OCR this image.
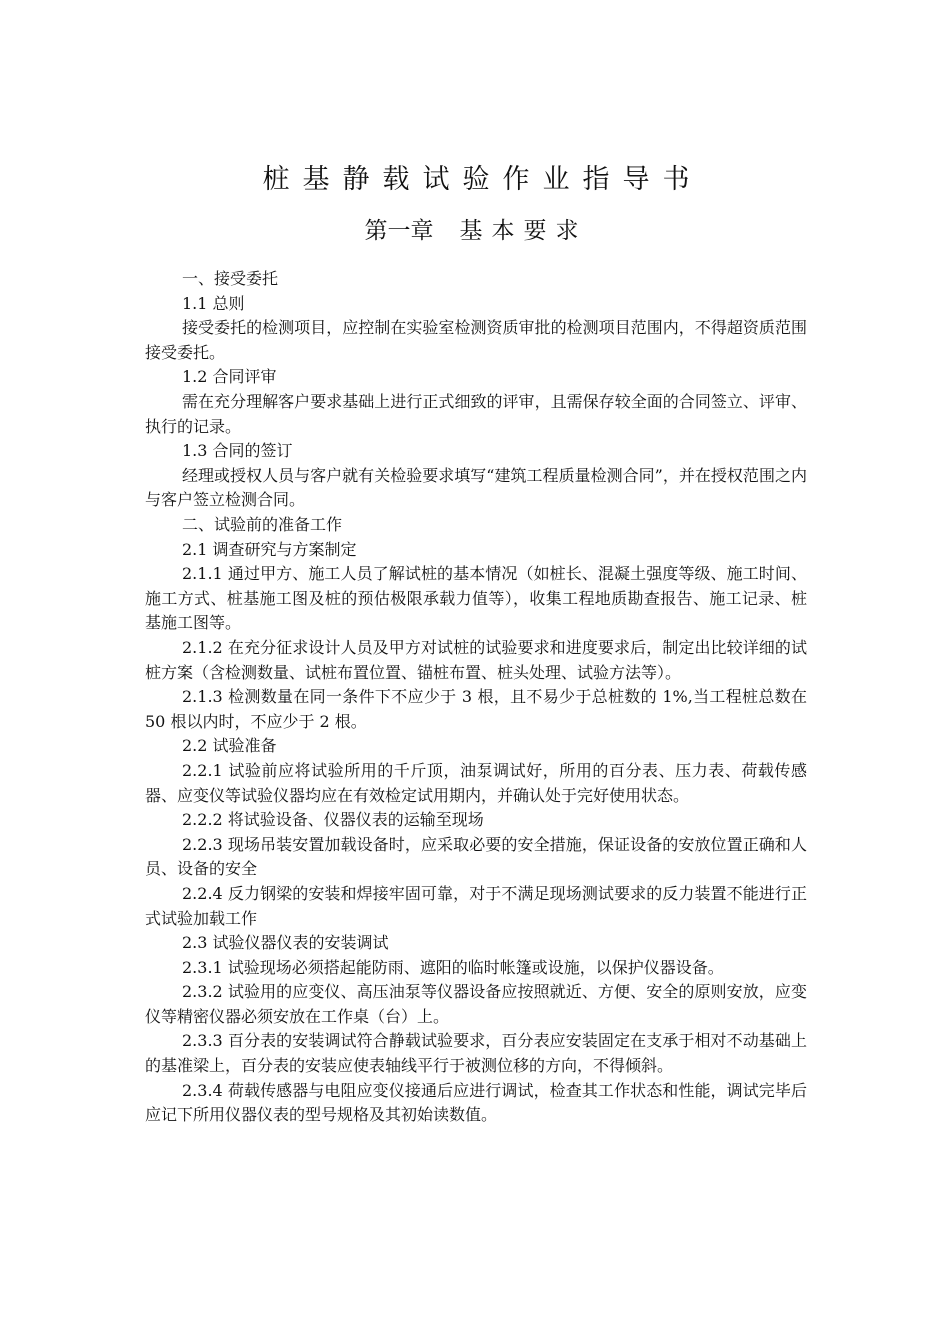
桩基静载试验作业指导书
第一章 基本要求

一、接受委托

1.1 总则

接受委托的检测项目，应控制在实验室检测资质审批的检测项目范围内，不得超资质范围接受委托。

1.2 合同评审

需在充分理解客户要求基础上进行正式细致的评审，且需保存较全面的合同签立、评审、执行的记录。

1.3 合同的签订

经理或授权人员与客户就有关检验要求填写“建筑工程质量检测合同”，并在授权范围之内与客户签立检测合同。

二、试验前的准备工作

2.1 调查研究与方案制定

2.1.1 通过甲方、施工人员了解试桩的基本情况（如桩长、混凝土强度等级、施工时间、施工方式、桩基施工图及桩的预估极限承载力值等），收集工程地质勘查报告、施工记录、桩基施工图等。

2.1.2 在充分征求设计人员及甲方对试桩的试验要求和进度要求后，制定出比较详细的试桩方案（含检测数量、试桩布置位置、锚桩布置、桩头处理、试验方法等）。

2.1.3 检测数量在同一条件下不应少于 3 根，且不易少于总桩数的 1%,当工程桩总数在 50 根以内时，不应少于 2 根。

2.2 试验准备

2.2.1 试验前应将试验所用的千斤顶，油泵调试好，所用的百分表、压力表、荷载传感器、应变仪等试验仪器均应在有效检定试用期内，并确认处于完好使用状态。

2.2.2 将试验设备、仪器仪表的运输至现场

2.2.3 现场吊装安置加载设备时，应采取必要的安全措施，保证设备的安放位置正确和人员、设备的安全

2.2.4 反力钢梁的安装和焊接牢固可靠，对于不满足现场测试要求的反力装置不能进行正式试验加载工作

2.3 试验仪器仪表的安装调试

2.3.1 试验现场必须搭起能防雨、遮阳的临时帐篷或设施，以保护仪器设备。

2.3.2 试验用的应变仪、高压油泵等仪器设备应按照就近、方便、安全的原则安放，应变仪等精密仪器必须安放在工作桌（台）上。

2.3.3 百分表的安装调试符合静载试验要求，百分表应安装固定在支承于相对不动基础上的基准梁上，百分表的安装应使表轴线平行于被测位移的方向，不得倾斜。

2.3.4 荷载传感器与电阻应变仪接通后应进行调试，检查其工作状态和性能，调试完毕后应记下所用仪器仪表的型号规格及其初始读数值。
